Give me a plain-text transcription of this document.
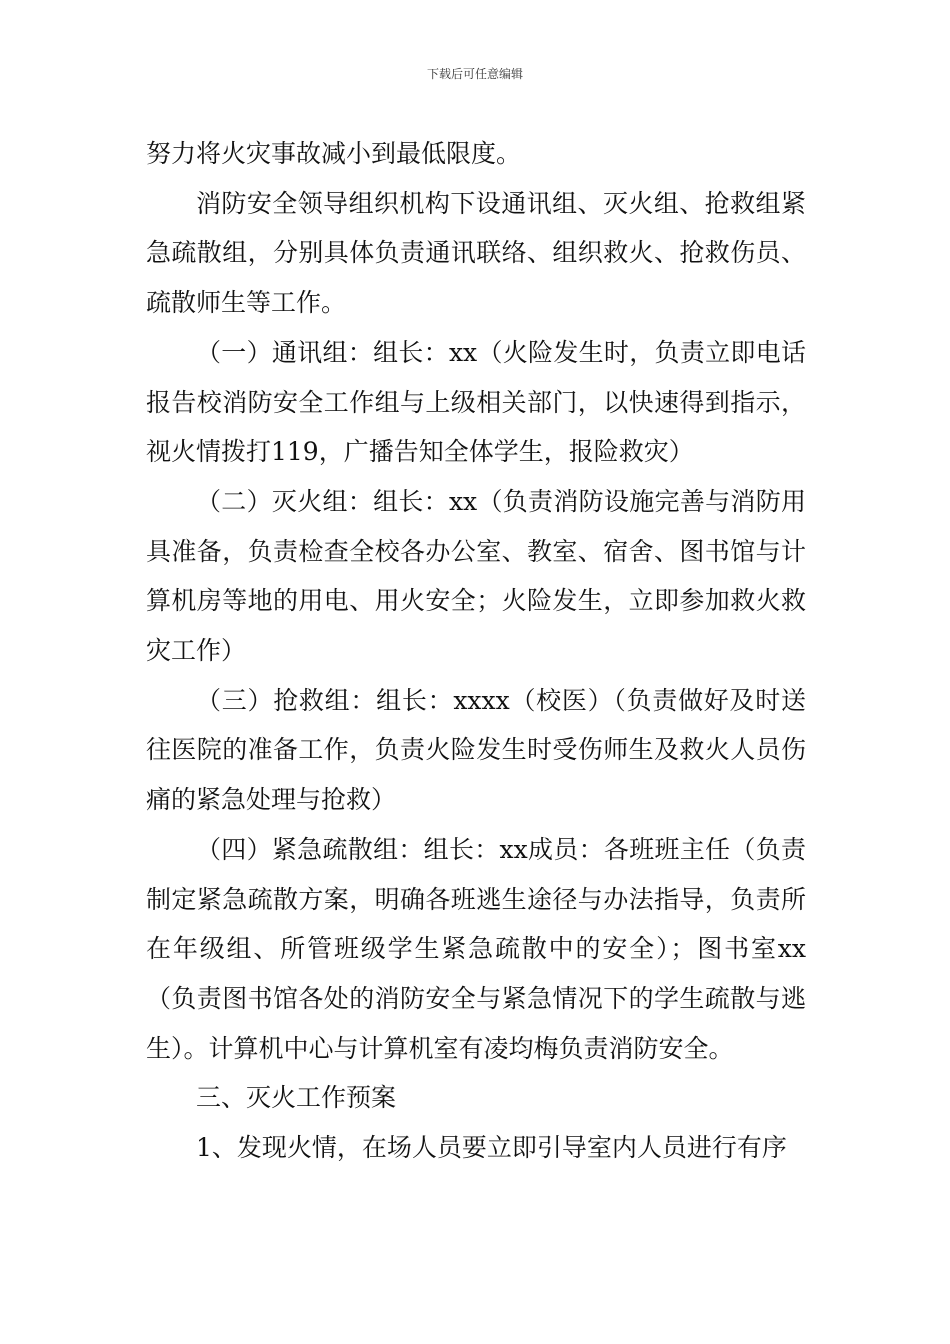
下载后可任意编辑

努力将火灾事故减小到最低限度。

消防安全领导组织机构下设通讯组、灭火组、抢救组紧急疏散组，分别具体负责通讯联络、组织救火、抢救伤员、疏散师生等工作。

（一）通讯组：组长：xx（火险发生时，负责立即电话报告校消防安全工作组与上级相关部门，以快速得到指示，视火情拨打119，广播告知全体学生，报险救灾）

（二）灭火组：组长：xx（负责消防设施完善与消防用具准备，负责检查全校各办公室、教室、宿舍、图书馆与计算机房等地的用电、用火安全；火险发生，立即参加救火救灾工作）

（三）抢救组：组长：xxxx（校医）（负责做好及时送往医院的准备工作，负责火险发生时受伤师生及救火人员伤痛的紧急处理与抢救）

（四）紧急疏散组：组长：xx成员：各班班主任（负责制定紧急疏散方案，明确各班逃生途径与办法指导，负责所在年级组、所管班级学生紧急疏散中的安全）；图书室xx（负责图书馆各处的消防安全与紧急情况下的学生疏散与逃生）。计算机中心与计算机室有凌均梅负责消防安全。

三、灭火工作预案

1、发现火情，在场人员要立即引导室内人员进行有序
